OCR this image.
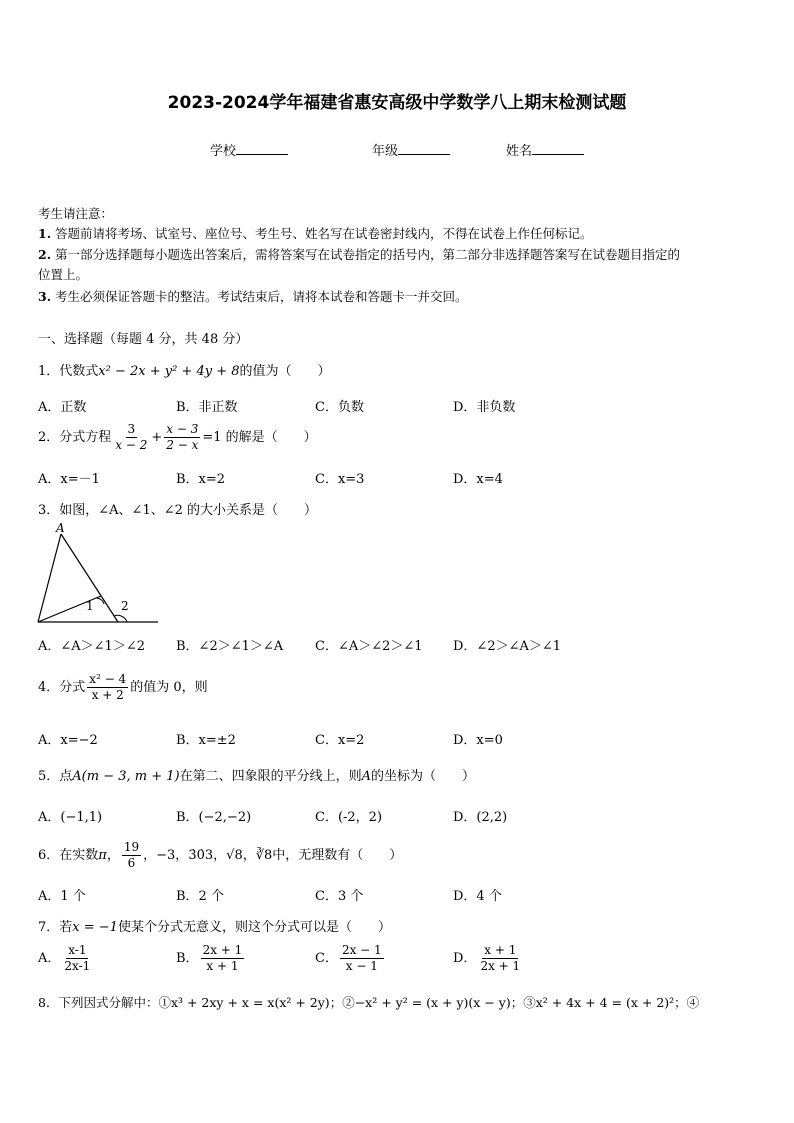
2023-2024学年福建省惠安高级中学数学八上期末检测试题
学校	年级	姓名
考生请注意：
1. 答题前请将考场、试室号、座位号、考生号、姓名写在试卷密封线内，不得在试卷上作任何标记。
2. 第一部分选择题每小题选出答案后，需将答案写在试卷指定的括号内，第二部分非选择题答案写在试卷题目指定的
位置上。
3. 考生必须保证答题卡的整洁。考试结束后，请将本试卷和答题卡一并交回。
一、选择题（每题 4 分，共 48 分）
1．代数式x² − 2x + y² + 4y + 8的值为（　　）
A．正数	B．非正数	C．负数	D．非负数
2．分式方程 $\frac{3}{x - 2} + \frac{x - 3}{2 - x} =1$ 的解是（　　）
A．x=－1	B．x=2	C．x=3	D．x=4
3．如图，∠A、∠1、∠2 的大小关系是（　　）
A
1 2
A．∠A＞∠1＞∠2 B．∠2＞∠1＞∠A C．∠A＞∠2＞∠1 D．∠2＞∠A＞∠1
4．分式 $\frac{\text{x² − 4}}{x + 2}$ 的值为 0，则
A．x=−2	B．x=±2	C．x=2	D．x=0
5．点A(m − 3, m + 1)在第二、四象限的平分线上，则A的坐标为（　　）
A．(−1,1)	B．(−2,−2)	C．(-2，2)	D．(2,2)
6．在实数π， $\frac{19}{6}$ ，−3，3̇0̇3，√8，∛8中，无理数有（　　）
A．1 个	B．2 个	C．3 个	D．4 个
7．若x = −1使某个分式无意义，则这个分式可以是（　　）
A． $\frac{x-1}{2x-1}$	B． $\frac{2x + 1}{x + 1}$	C． $\frac{2x - 1}{x - 1}$	D． $\frac{x + 1}{2x + 1}$
8．下列因式分解中：①x³ + 2xy + x = x(x² + 2y)；②−x² + y² = (x + y)(x − y)；③x² + 4x + 4 = (x + 2)²；④
